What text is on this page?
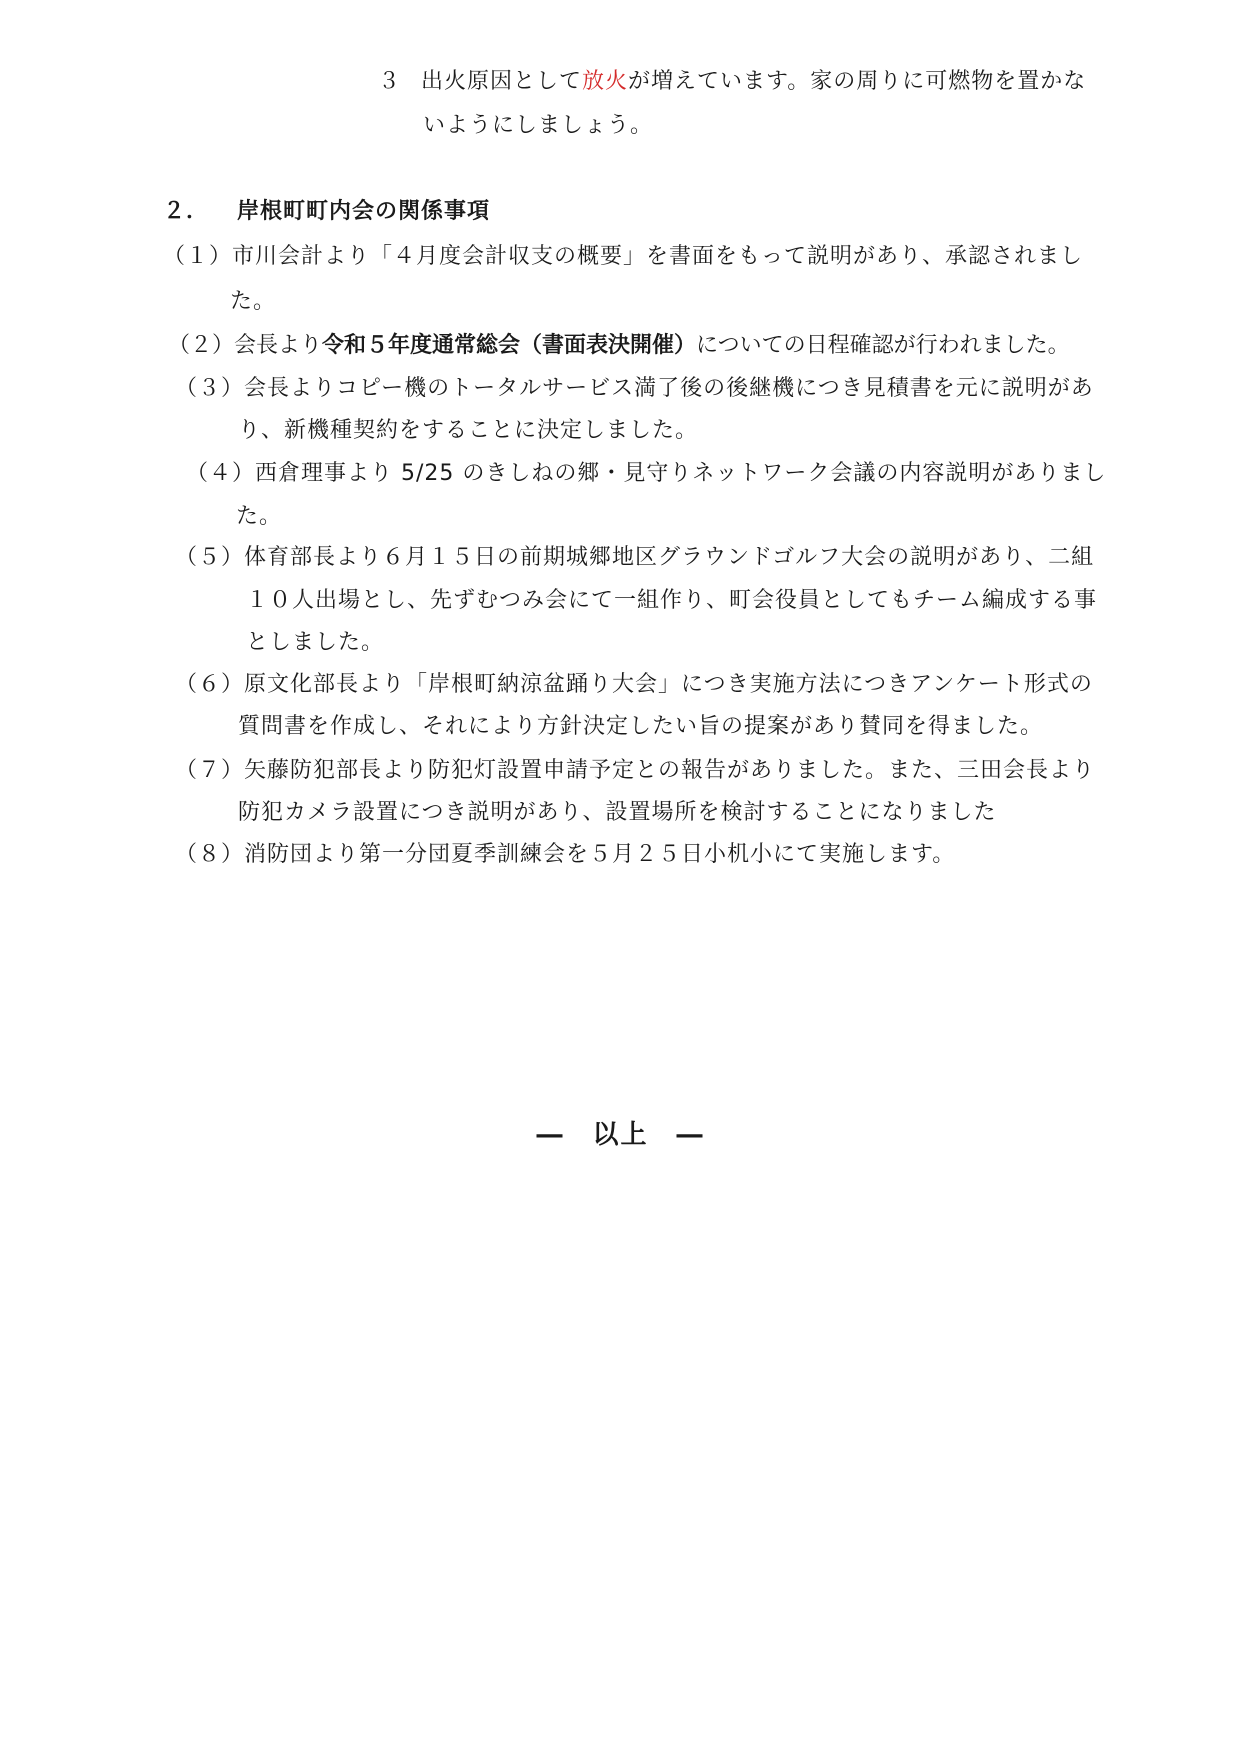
３ 出火原因として放火が増えています。家の周りに可燃物を置かな
いようにしましょう。
２． 岸根町町内会の関係事項
（１）市川会計より「４月度会計収支の概要」を書面をもって説明があり、承認されまし
た。
（２）会長より令和５年度通常総会（書面表決開催）についての日程確認が行われました。
（３）会長よりコピー機のトータルサービス満了後の後継機につき見積書を元に説明があ
り、新機種契約をすることに決定しました。
（４）西倉理事より 5/25 のきしねの郷・見守りネットワーク会議の内容説明がありまし
た。
（５）体育部長より６月１５日の前期城郷地区グラウンドゴルフ大会の説明があり、二組
１０人出場とし、先ずむつみ会にて一組作り、町会役員としてもチーム編成する事
としました。
（６）原文化部長より「岸根町納涼盆踊り大会」につき実施方法につきアンケート形式の
質問書を作成し、それにより方針決定したい旨の提案があり賛同を得ました。
（７）矢藤防犯部長より防犯灯設置申請予定との報告がありました。また、三田会長より
防犯カメラ設置につき説明があり、設置場所を検討することになりました
（８）消防団より第一分団夏季訓練会を５月２５日小机小にて実施します。
―　以上　―
